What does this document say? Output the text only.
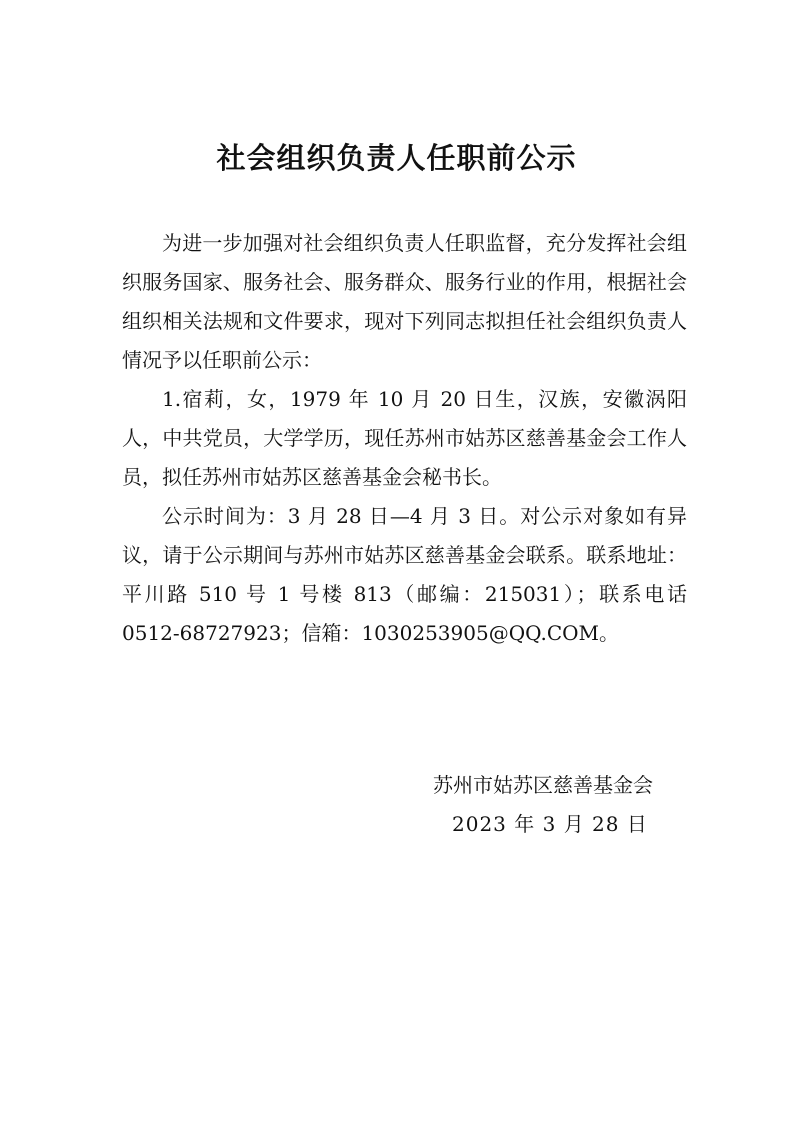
社会组织负责人任职前公示

为进一步加强对社会组织负责人任职监督，充分发挥社会组织服务国家、服务社会、服务群众、服务行业的作用，根据社会组织相关法规和文件要求，现对下列同志拟担任社会组织负责人情况予以任职前公示：

1.宿莉，女，1979 年 10 月 20 日生，汉族，安徽涡阳人，中共党员，大学学历，现任苏州市姑苏区慈善基金会工作人员，拟任苏州市姑苏区慈善基金会秘书长。

公示时间为：3 月 28 日—4 月 3 日。对公示对象如有异议，请于公示期间与苏州市姑苏区慈善基金会联系。联系地址：平川路 510 号 1 号楼 813（邮编：215031）；联系电话 0512-68727923；信箱：1030253905@QQ.COM。

苏州市姑苏区慈善基金会
2023 年 3 月 28 日
